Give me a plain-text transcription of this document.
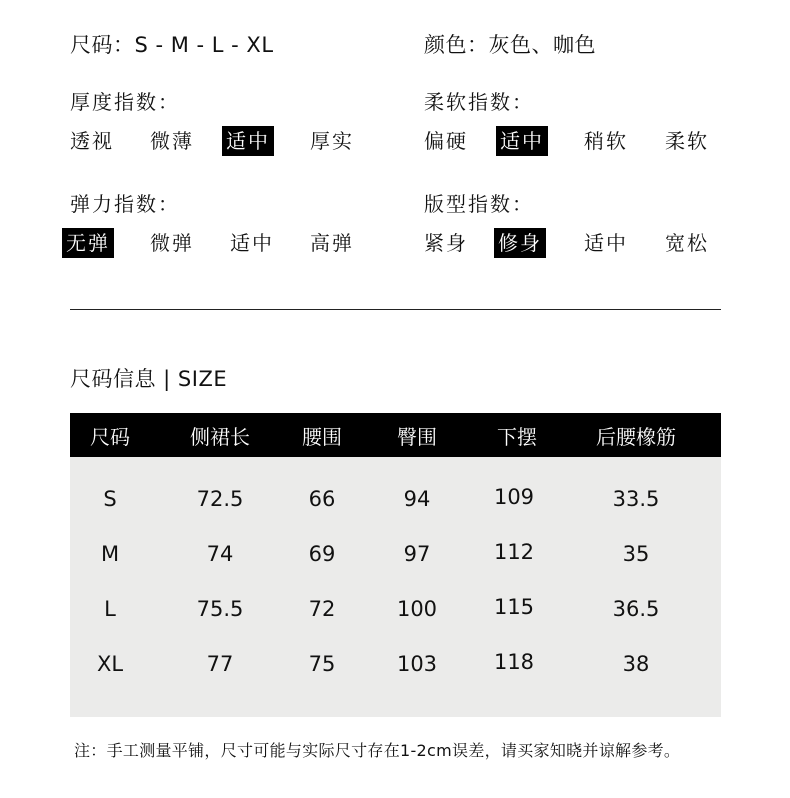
尺码：S - M - L - XL	颜色：灰色、咖色
厚度指数：
透视 微薄 适中 厚实
柔软指数：
偏硬 适中 稍软 柔软
弹力指数：
无弹 微弹 适中 高弹
版型指数：
紧身 修身 适中 宽松
尺码信息 | SIZE
尺码	侧裙长	腰围	臀围	下摆	后腰橡筋
S	72.5	66	94	109	33.5
M	74	69	97	112	35
L	75.5	72	100	115	36.5
XL	77	75	103	118	38
注：手工测量平铺，尺寸可能与实际尺寸存在1-2cm误差，请买家知晓并谅解参考。
